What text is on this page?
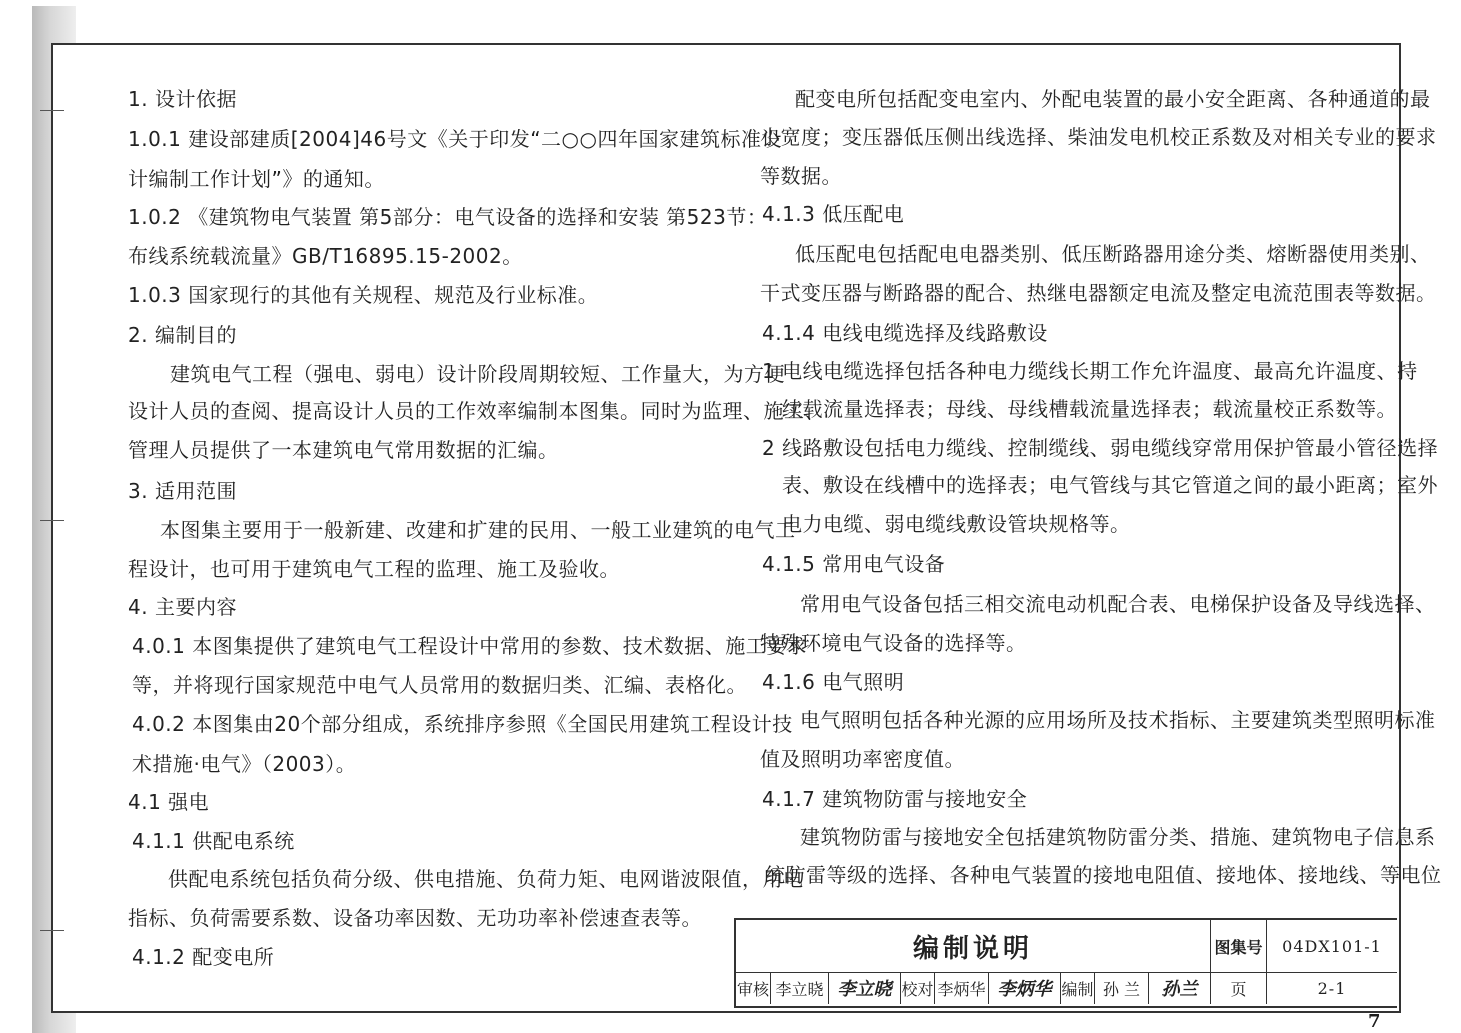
1. 设计依据
1.0.1 建设部建质[2004]46号文《关于印发“二○○四年国家建筑标准设
计编制工作计划”》的通知。
1.0.2 《建筑物电气装置 第5部分：电气设备的选择和安装 第523节：
布线系统载流量》GB/T16895.15-2002。
1.0.3 国家现行的其他有关规程、规范及行业标准。
2. 编制目的
建筑电气工程（强电、弱电）设计阶段周期较短、工作量大，为方便
设计人员的查阅、提高设计人员的工作效率编制本图集。同时为监理、施工、
管理人员提供了一本建筑电气常用数据的汇编。
3. 适用范围
本图集主要用于一般新建、改建和扩建的民用、一般工业建筑的电气工
程设计，也可用于建筑电气工程的监理、施工及验收。
4. 主要内容
4.0.1 本图集提供了建筑电气工程设计中常用的参数、技术数据、施工要求
等，并将现行国家规范中电气人员常用的数据归类、汇编、表格化。
4.0.2 本图集由20个部分组成，系统排序参照《全国民用建筑工程设计技
术措施·电气》（2003）。
4.1 强电
4.1.1 供配电系统
供配电系统包括负荷分级、供电措施、负荷力矩、电网谐波限值，用电
指标、负荷需要系数、设备功率因数、无功功率补偿速查表等。
4.1.2 配变电所
配变电所包括配变电室内、外配电装置的最小安全距离、各种通道的最
小宽度；变压器低压侧出线选择、柴油发电机校正系数及对相关专业的要求
等数据。
4.1.3 低压配电
低压配电包括配电电器类别、低压断路器用途分类、熔断器使用类别、
干式变压器与断路器的配合、热继电器额定电流及整定电流范围表等数据。
4.1.4 电线电缆选择及线路敷设
1 电线电缆选择包括各种电力缆线长期工作允许温度、最高允许温度、持
续载流量选择表；母线、母线槽载流量选择表；载流量校正系数等。
2 线路敷设包括电力缆线、控制缆线、弱电缆线穿常用保护管最小管径选择
表、敷设在线槽中的选择表；电气管线与其它管道之间的最小距离；室外
电力电缆、弱电缆线敷设管块规格等。
4.1.5 常用电气设备
常用电气设备包括三相交流电动机配合表、电梯保护设备及导线选择、
特殊环境电气设备的选择等。
4.1.6 电气照明
电气照明包括各种光源的应用场所及技术指标、主要建筑类型照明标准
值及照明功率密度值。
4.1.7 建筑物防雷与接地安全
建筑物防雷与接地安全包括建筑物防雷分类、措施、建筑物电子信息系
统防雷等级的选择、各种电气装置的接地电阻值、接地体、接地线、等电位
编制说明	图集号	04DX101-1
审核 李立晓 李立晓 校对 李炳华 李炳华 编制 孙 兰	孙兰	页	2-1
7
